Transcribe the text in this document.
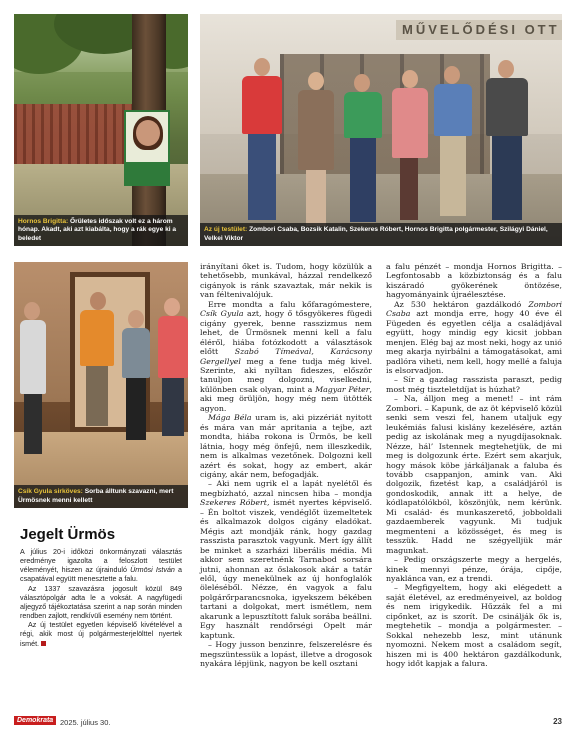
Hornos Brigitta: Őrületes időszak volt ez a három hónap. Akadt, aki azt kiabálta, hogy a rák egye ki a beledet
MŰVELŐDÉSI OTT
Az új testület: Zombori Csaba, Bozsik Katalin, Szekeres Róbert, Hornos Brigitta polgármester, Szilágyi Dániel, Velkei Viktor
Csík Gyula sirköves: Sorba álltunk szavazni, mert Ürmösnek menni kellett
Jegelt Ürmös

A július 20-i időközi önkormányzati választás eredménye igazolta a feloszlott testület véleményét, hiszen az újrainduló Ürmösi István a csapatával együtt menesztette a falu.

Az 1337 szavazásra jogosult közül 849 választópolgár adta le a voksát. A nagyfügedi aljegyző tájékoztatása szerint a nap során minden rendben zajlott, rendkívüli esemény nem történt.

Az új testület egyetlen képviselő kivételével a régi, akik most új polgármesterjelölttel nyertek ismét.

irányítani őket is. Tudom, hogy közülük a tehetősebb, munkával, házzal rendelkező cigányok is ránk szavaztak, már nekik is van féltenivalójuk.

Erre mondta a falu kőfaragómestere, Csík Gyula azt, hogy ő tősgyökeres fügedi cigány gyerek, benne rasszizmus nem lehet, de Ürmösnek menni kell a falu éléről, hiába fotózkodott a választások előtt Szabó Tímeával, Karácsony Gergellyel meg a fene tudja még kivel. Szerinte, aki nyíltan fideszes, először tanuljon meg dolgozni, viselkedni, különben csak olyan, mint a Magyar Péter, aki meg örüljön, hogy még nem ütötték agyon.

Mága Béla uram is, aki pizzériát nyitott és mára van már apritania a tejbe, azt mondta, hiába rokona is Ürmös, be kell látnia, hogy még önfejű, nem illeszkedik, nem is alkalmas vezetőnek. Dolgozni kell azért és sokat, hogy az embert, akár cigány, akár nem, befogadják.

– Aki nem ugrik el a lapát nyelétől és megbízható, azzal nincsen hiba – mondja Szekeres Róbert, ismét nyertes képviselő. – Én boltot viszek, vendéglőt üzemeltetek és alkalmazok dolgos cigány eladókat. Mégis azt mondják ránk, hogy gazdag rasszista parasztok vagyunk. Mert így állít be minket a szarházi liberális média. Mi akkor sem szeretnénk Tarnabod sorsára jutni, ahonnan az őslakosok akár a tatár elől, úgy menekülnek az új honfoglalók öleléséből. Nézze, én vagyok a falu polgárőrparancsnoka, igyekszem békében tartani a dolgokat, mert ismétlem, nem akarunk a lepusztított faluk sorába beállni. Egy használt rendőrségi Opelt már kaptunk.

– Hogy jusson benzinre, felszerelésre és megszüntessük a lopást, illetve a drogosok nyakára lépjünk, nagyon be kell osztani

a falu pénzét – mondja Hornos Brigitta. – Legfontosabb a közbiztonság és a falu kiszáradó gyökerének öntözése, hagyományaink újraélesztése.

Az 530 hektáron gazdálkodó Zombori Csaba azt mondja erre, hogy 40 éve él Fügeden és egyetlen célja a családjával együtt, hogy mindig egy kicsit jobban menjen. Elég baj az most neki, hogy az unió meg akarja nyirbálni a támogatásokat, ami padlóra viheti, nem kell, hogy mellé a faluja is elsorvadjon.

– Sír a gazdag rasszista paraszt, pedig most még tiszteletdíjat is húzhat?

– Na, álljon meg a menet! – int rám Zombori. – Kapunk, de az öt képviselő közül senki sem veszi fel, hanem utaljuk egy leukémiás falusi kislány kezelésére, aztán pedig az iskolának meg a nyugdíjasoknak. Nézze, hál’ Istennek megtehetjük, de mi meg is dolgozunk érte. Ezért sem akarjuk, hogy mások köbe járkáljanak a faluba és tovább csappanjon, amink van. Aki dolgozik, fizetést kap, a családjáról is gondoskodik, annak itt a helye, de kódlapatólókból, köszönjük, nem kérünk. Mi család- és munkaszerető, jobboldali gazdaemberek vagyunk. Mi tudjuk megmenteni a közösséget, és meg is tesszük. Hadd ne szégyelljük már magunkat.

– Pedig országszerte megy a hergelés, kinek mennyi pénze, órája, cipője, nyaklánca van, ez a trendi.

– Megfigyeltem, hogy aki elégedett a saját életével, az eredményeivel, az boldog és nem irigykedik. Hűzzák fel a mi cipőnket, az is szorít. De csinálják ők is, megtehetik – mondja a polgármester. – Sokkal nehezebb lesz, mint utánunk nyomozni. Nekem most a családom segít, hiszen mi is 400 hektáron gazdálkodunk, hogy időt kapjak a falura.

Demokrata 2025. július 30.	23
